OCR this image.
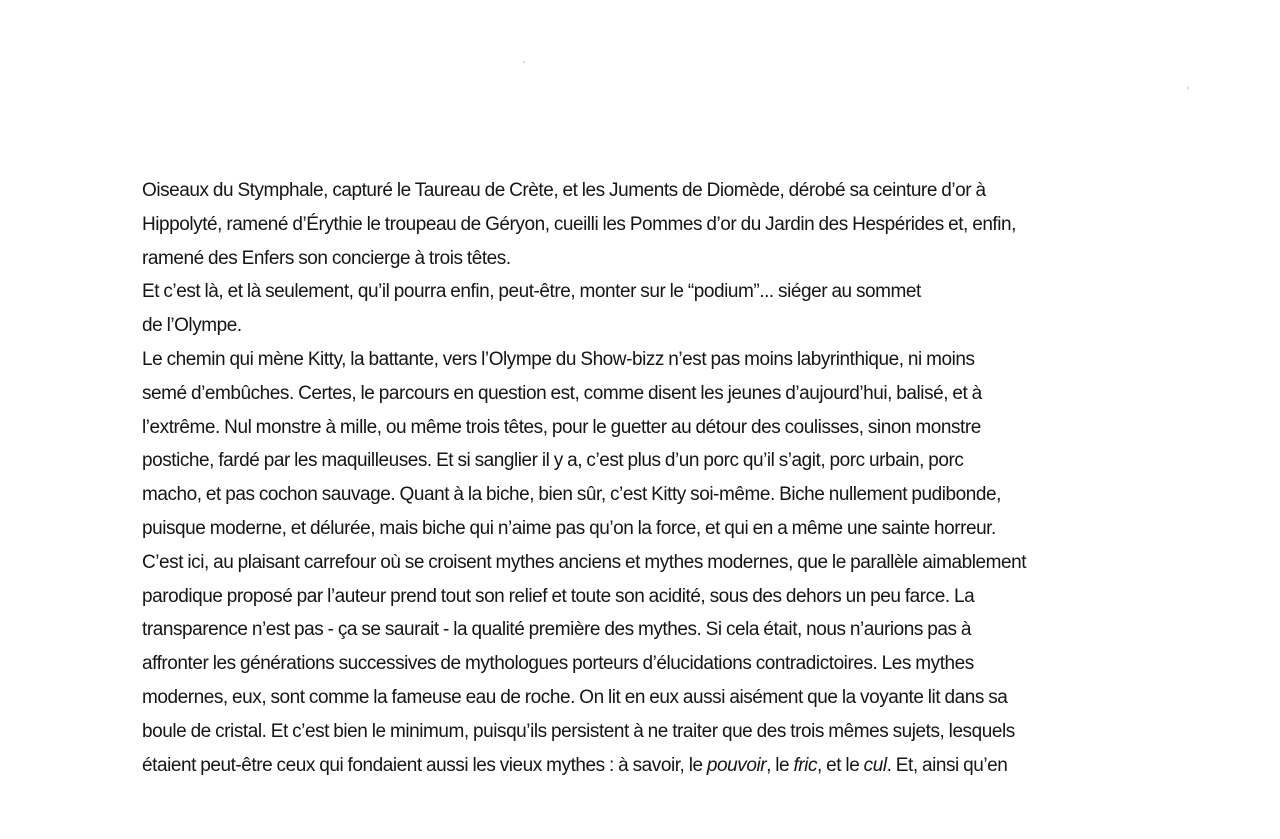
Oiseaux du Stymphale, capturé le Taureau de Crète, et les Juments de Diomède, dérobé sa ceinture d’or à
Hippolyté, ramené d’Érythie le troupeau de Géryon, cueilli les Pommes d’or du Jardin des Hespérides et, enfin,
ramené des Enfers son concierge à trois têtes.
Et c’est là, et là seulement, qu’il pourra enfin, peut-être, monter sur le “podium”... siéger au sommet
de l’Olympe.
Le chemin qui mène Kitty, la battante, vers l’Olympe du Show-bizz n’est pas moins labyrinthique, ni moins
semé d’embûches. Certes, le parcours en question est, comme disent les jeunes d’aujourd’hui, balisé, et à
l’extrême. Nul monstre à mille, ou même trois têtes, pour le guetter au détour des coulisses, sinon monstre
postiche, fardé par les maquilleuses. Et si sanglier il y a, c’est plus d’un porc qu’il s’agit, porc urbain, porc
macho, et pas cochon sauvage. Quant à la biche, bien sûr, c’est Kitty soi-même. Biche nullement pudibonde,
puisque moderne, et délurée, mais biche qui n’aime pas qu’on la force, et qui en a même une sainte horreur.
C’est ici, au plaisant carrefour où se croisent mythes anciens et mythes modernes, que le parallèle aimablement
parodique proposé par l’auteur prend tout son relief et toute son acidité, sous des dehors un peu farce. La
transparence n’est pas - ça se saurait - la qualité première des mythes. Si cela était, nous n’aurions pas à
affronter les générations successives de mythologues porteurs d’élucidations contradictoires. Les mythes
modernes, eux, sont comme la fameuse eau de roche. On lit en eux aussi aisément que la voyante lit dans sa
boule de cristal. Et c’est bien le minimum, puisqu’ils persistent à ne traiter que des trois mêmes sujets, lesquels
étaient peut-être ceux qui fondaient aussi les vieux mythes : à savoir, le pouvoir, le fric, et le cul. Et, ainsi qu’en
